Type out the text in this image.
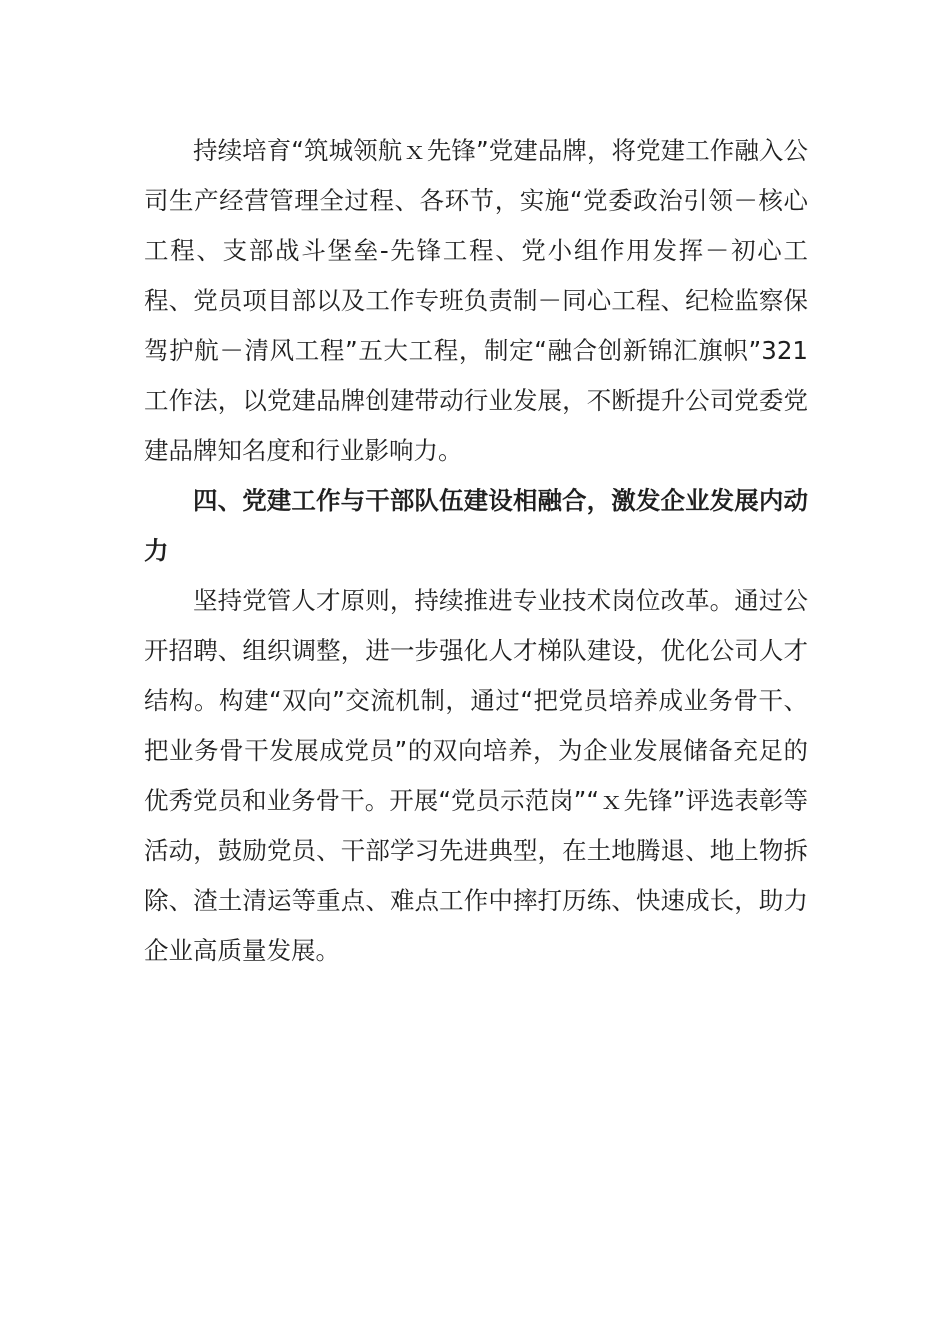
持续培育“筑城领航ｘ先锋”党建品牌，将党建工作融入公司生产经营管理全过程、各环节，实施“党委政治引领－核心工程、支部战斗堡垒-先锋工程、党小组作用发挥－初心工程、党员项目部以及工作专班负责制－同心工程、纪检监察保驾护航－清风工程”五大工程，制定“融合创新锦汇旗帜”321工作法，以党建品牌创建带动行业发展，不断提升公司党委党建品牌知名度和行业影响力。

四、党建工作与干部队伍建设相融合，激发企业发展内动力

坚持党管人才原则，持续推进专业技术岗位改革。通过公开招聘、组织调整，进一步强化人才梯队建设，优化公司人才结构。构建“双向”交流机制，通过“把党员培养成业务骨干、把业务骨干发展成党员”的双向培养，为企业发展储备充足的优秀党员和业务骨干。开展“党员示范岗”“ｘ先锋”评选表彰等活动，鼓励党员、干部学习先进典型，在土地腾退、地上物拆除、渣土清运等重点、难点工作中摔打历练、快速成长，助力企业高质量发展。
